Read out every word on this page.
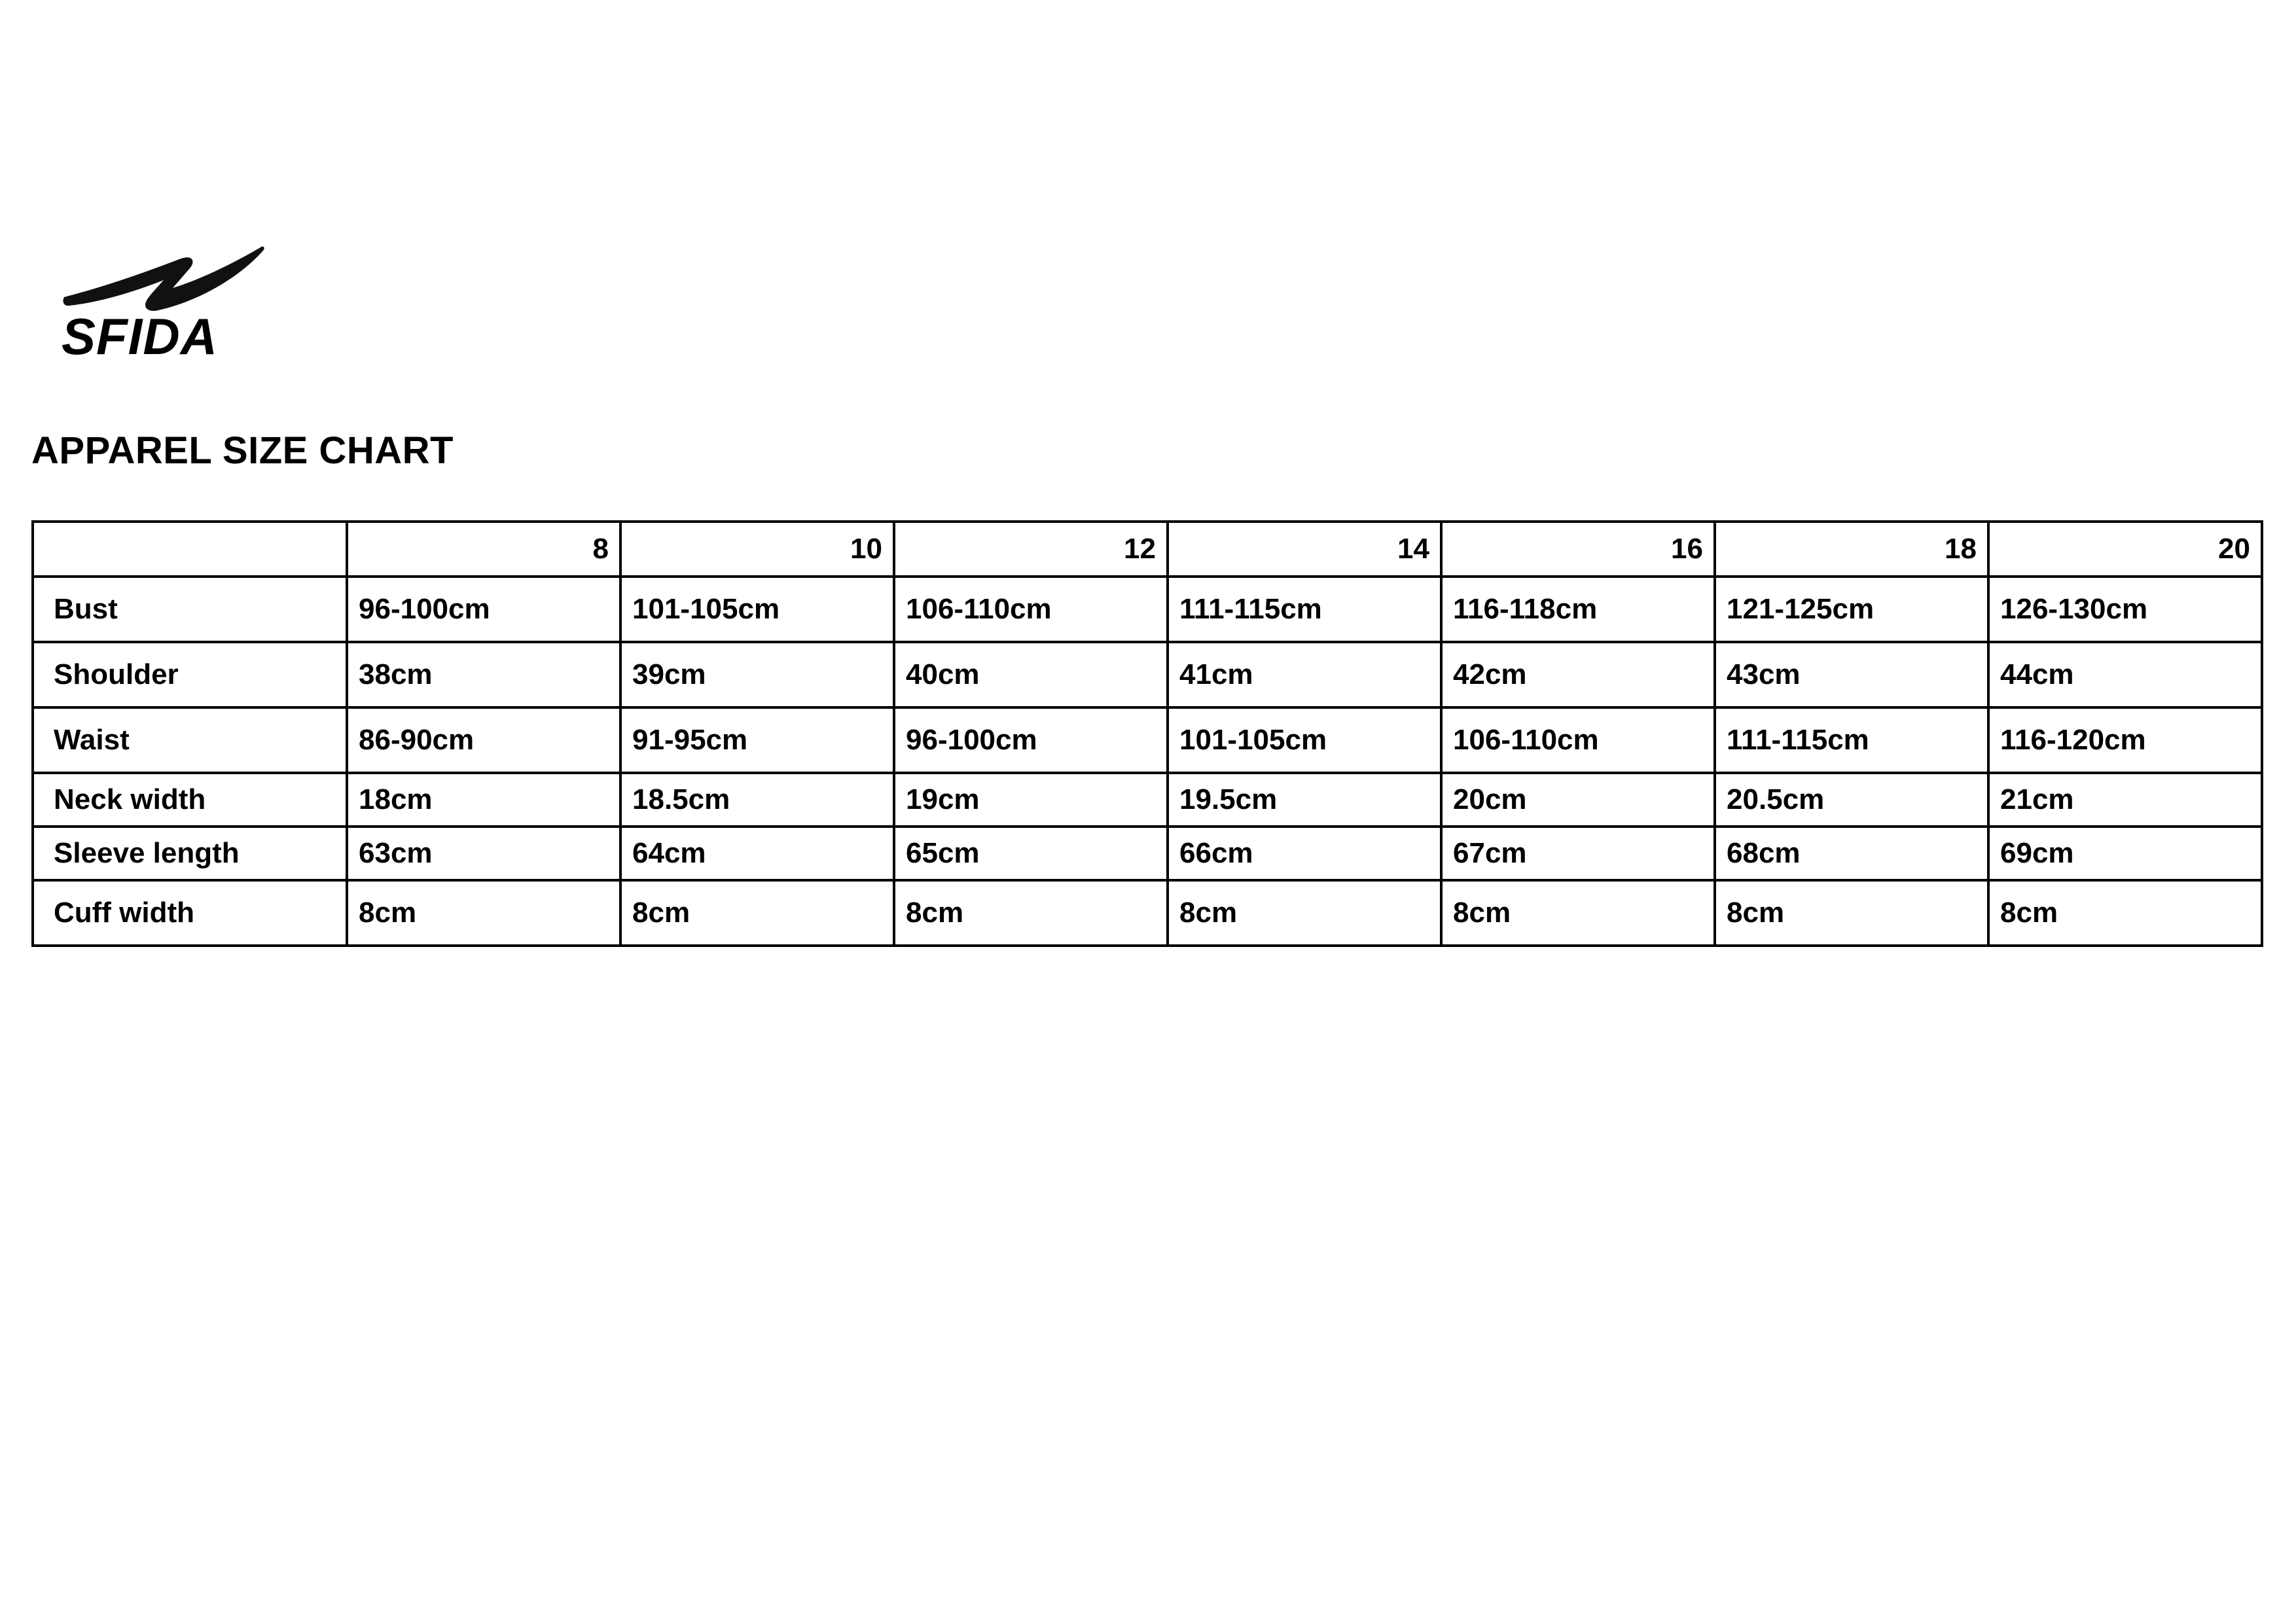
SFIDA
APPAREL SIZE CHART
	8	10	12	14	16	18	20
Bust	96-100cm	101-105cm	106-110cm	111-115cm	116-118cm	121-125cm	126-130cm
Shoulder	38cm	39cm	40cm	41cm	42cm	43cm	44cm
Waist	86-90cm	91-95cm	96-100cm	101-105cm	106-110cm	111-115cm	116-120cm
Neck width	18cm	18.5cm	19cm	19.5cm	20cm	20.5cm	21cm
Sleeve length	63cm	64cm	65cm	66cm	67cm	68cm	69cm
Cuff width	8cm	8cm	8cm	8cm	8cm	8cm	8cm
